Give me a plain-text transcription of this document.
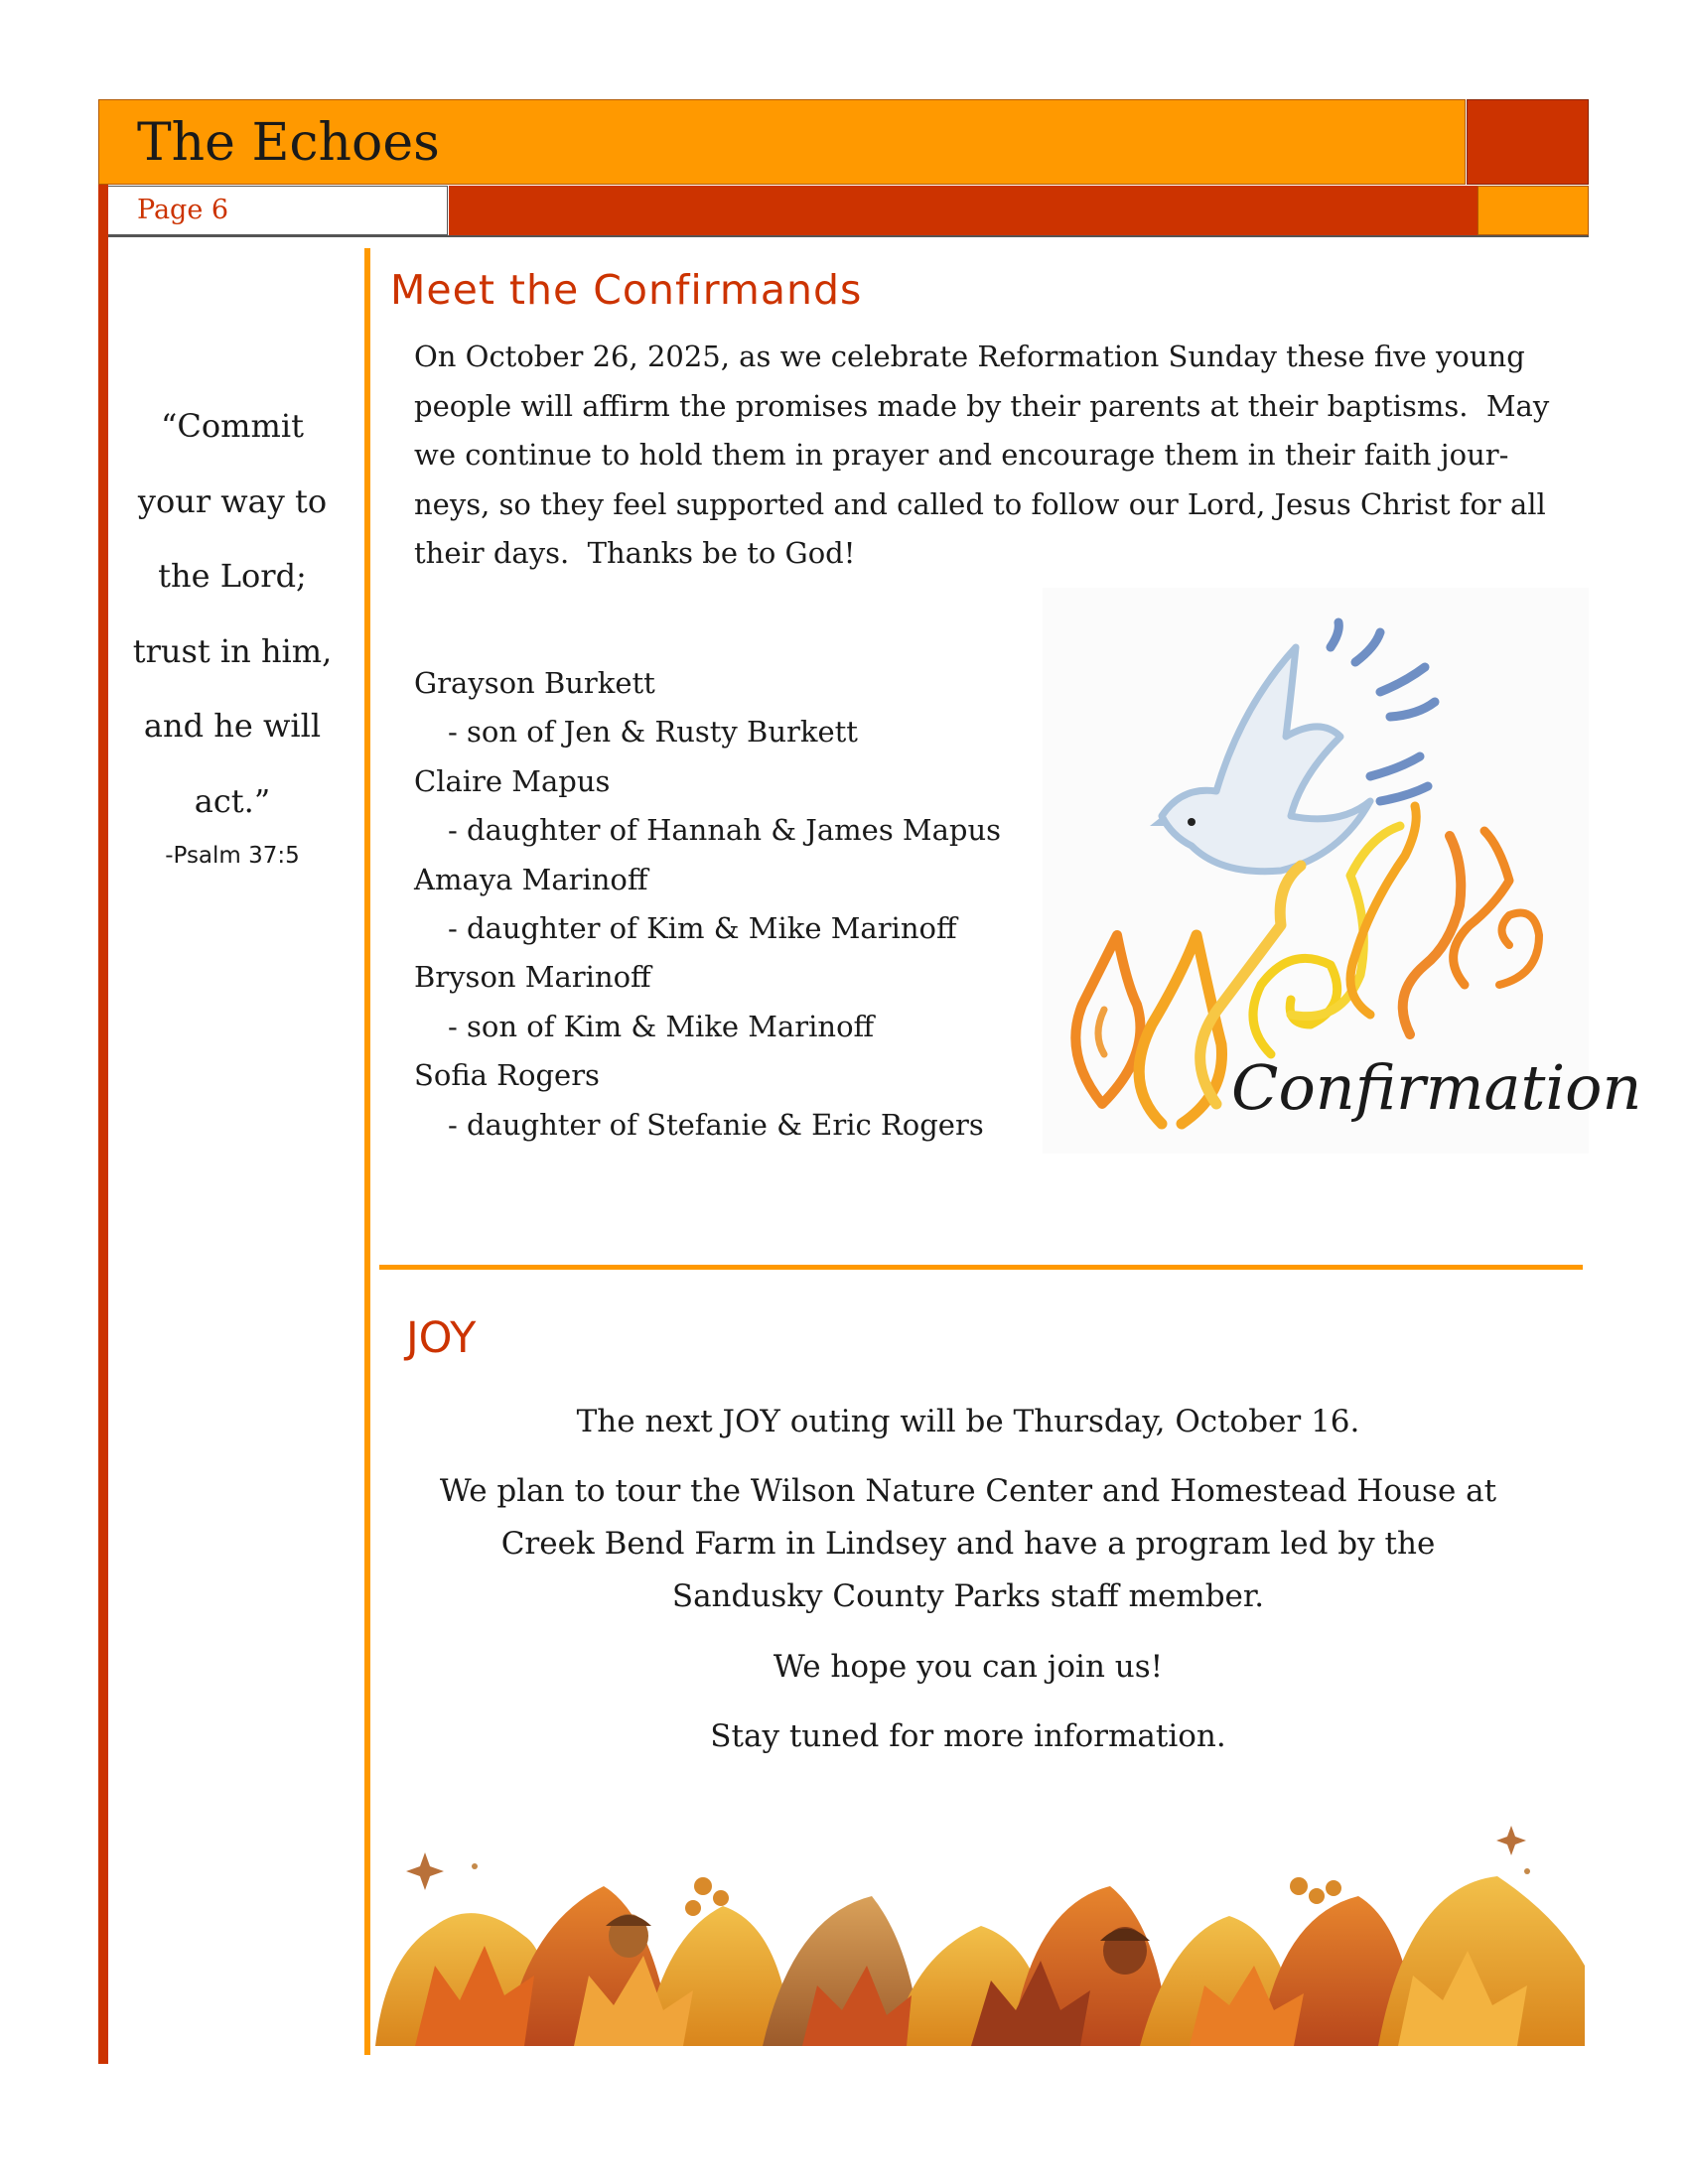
The Echoes
Page 6
“Commit
your way to
the Lord;
trust in him,
and he will
act.”
-Psalm 37:5
Meet the Confirmands
On October 26, 2025, as we celebrate Reformation Sunday these five young
people will affirm the promises made by their parents at their baptisms.  May
we continue to hold them in prayer and encourage them in their faith jour-
neys, so they feel supported and called to follow our Lord, Jesus Christ for all
their days.  Thanks be to God!
Grayson Burkett
- son of Jen & Rusty Burkett
Claire Mapus
- daughter of Hannah & James Mapus
Amaya Marinoff
- daughter of Kim & Mike Marinoff
Bryson Marinoff
- son of Kim & Mike Marinoff
Sofia Rogers
- daughter of Stefanie & Eric Rogers
Confirmation
JOY

The next JOY outing will be Thursday, October 16.

We plan to tour the Wilson Nature Center and Homestead House at
Creek Bend Farm in Lindsey and have a program led by the
Sandusky County Parks staff member.

We hope you can join us!

Stay tuned for more information.
